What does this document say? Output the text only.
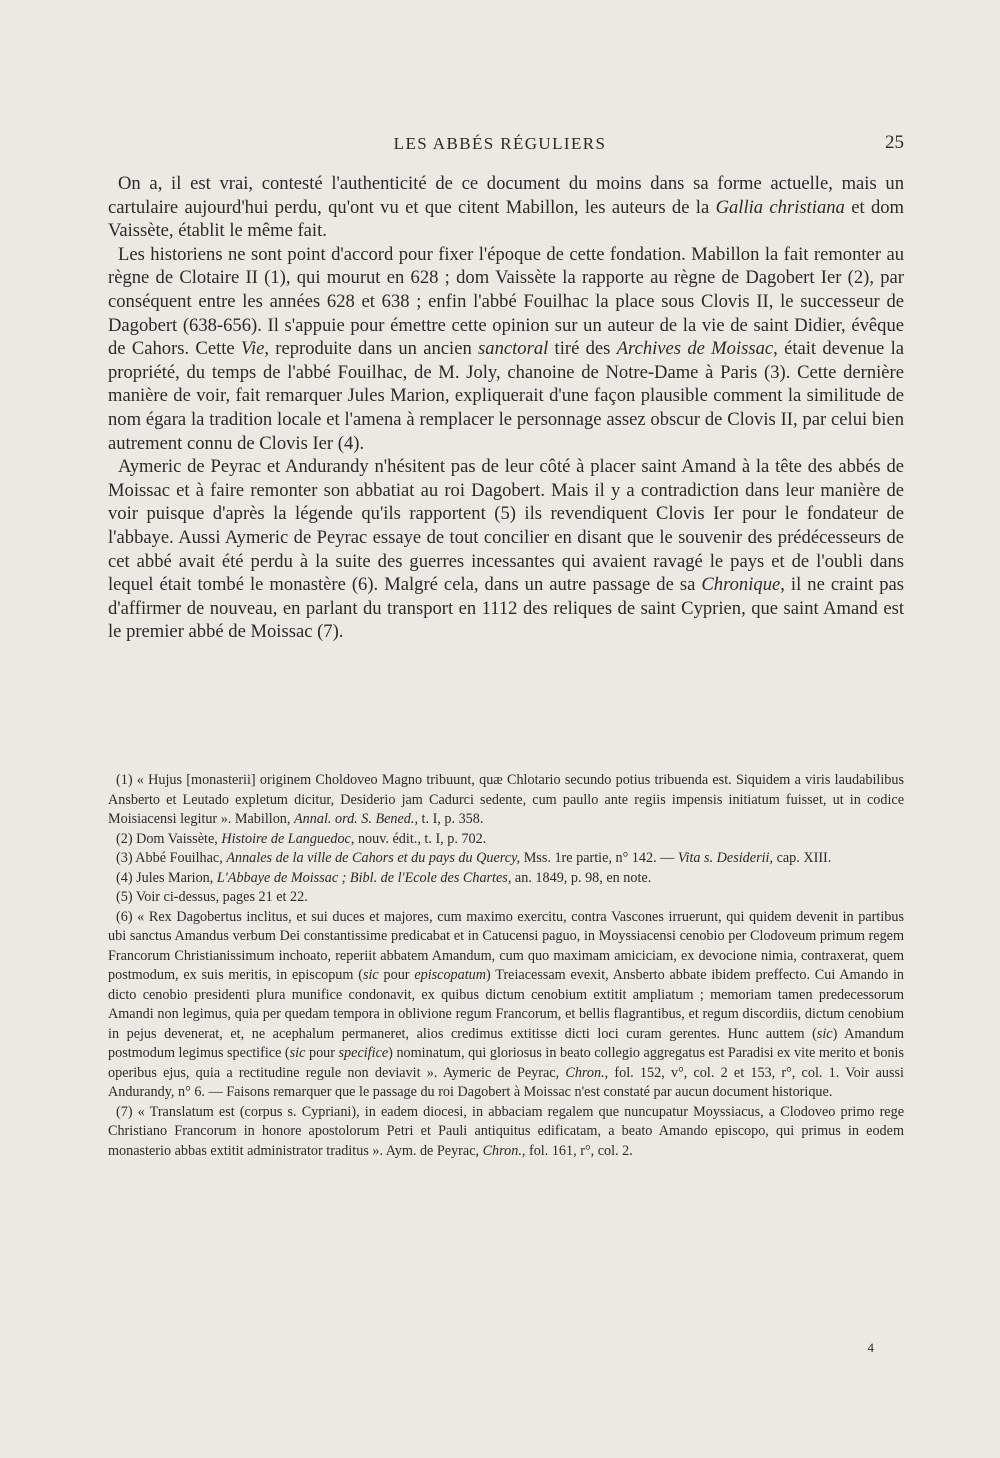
LES ABBÉS RÉGULIERS	25

On a, il est vrai, contesté l'authenticité de ce document du moins dans sa forme actuelle, mais un cartulaire aujourd'hui perdu, qu'ont vu et que citent Mabillon, les auteurs de la Gallia christiana et dom Vaissète, établit le même fait.

Les historiens ne sont point d'accord pour fixer l'époque de cette fondation. Mabillon la fait remonter au règne de Clotaire II (1), qui mourut en 628 ; dom Vaissète la rapporte au règne de Dagobert Ier (2), par conséquent entre les années 628 et 638 ; enfin l'abbé Fouilhac la place sous Clovis II, le successeur de Dagobert (638-656). Il s'appuie pour émettre cette opinion sur un auteur de la vie de saint Didier, évêque de Cahors. Cette Vie, reproduite dans un ancien sanctoral tiré des Archives de Moissac, était devenue la propriété, du temps de l'abbé Fouilhac, de M. Joly, chanoine de Notre-Dame à Paris (3). Cette dernière manière de voir, fait remarquer Jules Marion, expliquerait d'une façon plausible comment la similitude de nom égara la tradition locale et l'amena à remplacer le personnage assez obscur de Clovis II, par celui bien autrement connu de Clovis Ier (4).

Aymeric de Peyrac et Andurandy n'hésitent pas de leur côté à placer saint Amand à la tête des abbés de Moissac et à faire remonter son abbatiat au roi Dagobert. Mais il y a contradiction dans leur manière de voir puisque d'après la légende qu'ils rapportent (5) ils revendiquent Clovis Ier pour le fondateur de l'abbaye. Aussi Aymeric de Peyrac essaye de tout concilier en disant que le souvenir des prédécesseurs de cet abbé avait été perdu à la suite des guerres incessantes qui avaient ravagé le pays et de l'oubli dans lequel était tombé le monastère (6). Malgré cela, dans un autre passage de sa Chronique, il ne craint pas d'affirmer de nouveau, en parlant du transport en 1112 des reliques de saint Cyprien, que saint Amand est le premier abbé de Moissac (7).

(1) « Hujus [monasterii] originem Choldoveo Magno tribuunt, quæ Chlotario secundo potius tribuenda est. Siquidem a viris laudabilibus Ansberto et Leutado expletum dicitur, Desiderio jam Cadurci sedente, cum paullo ante regiis impensis initiatum fuisset, ut in codice Moisiacensi legitur ». Mabillon, Annal. ord. S. Bened., t. I, p. 358.

(2) Dom Vaissète, Histoire de Languedoc, nouv. édit., t. I, p. 702.

(3) Abbé Fouilhac, Annales de la ville de Cahors et du pays du Quercy, Mss. 1re partie, n° 142. — Vita s. Desiderii, cap. XIII.

(4) Jules Marion, L'Abbaye de Moissac ; Bibl. de l'Ecole des Chartes, an. 1849, p. 98, en note.

(5) Voir ci-dessus, pages 21 et 22.

(6) « Rex Dagobertus inclitus, et sui duces et majores, cum maximo exercitu, contra Vascones irruerunt, qui quidem devenit in partibus ubi sanctus Amandus verbum Dei constantissime predicabat et in Catucensi paguo, in Moyssiacensi cenobio per Clodoveum primum regem Francorum Christianissimum inchoato, reperiit abbatem Amandum, cum quo maximam amiciciam, ex devocione nimia, contraxerat, quem postmodum, ex suis meritis, in episcopum (sic pour episcopatum) Treiacessam evexit, Ansberto abbate ibidem preffecto. Cui Amando in dicto cenobio presidenti plura munifice condonavit, ex quibus dictum cenobium extitit ampliatum ; memoriam tamen predecessorum Amandi non legimus, quia per quedam tempora in oblivione regum Francorum, et bellis flagrantibus, et regum discordiis, dictum cenobium in pejus devenerat, et, ne acephalum permaneret, alios credimus extitisse dicti loci curam gerentes. Hunc auttem (sic) Amandum postmodum legimus spectifice (sic pour specifice) nominatum, qui gloriosus in beato collegio aggregatus est Paradisi ex vite merito et bonis operibus ejus, quia a rectitudine regule non deviavit ». Aymeric de Peyrac, Chron., fol. 152, v°, col. 2 et 153, r°, col. 1. Voir aussi Andurandy, n° 6. — Faisons remarquer que le passage du roi Dagobert à Moissac n'est constaté par aucun document historique.

(7) « Translatum est (corpus s. Cypriani), in eadem diocesi, in abbaciam regalem que nuncupatur Moyssiacus, a Clodoveo primo rege Christiano Francorum in honore apostolorum Petri et Pauli antiquitus edificatam, a beato Amando episcopo, qui primus in eodem monasterio abbas extitit administrator traditus ». Aym. de Peyrac, Chron., fol. 161, r°, col. 2.

4
